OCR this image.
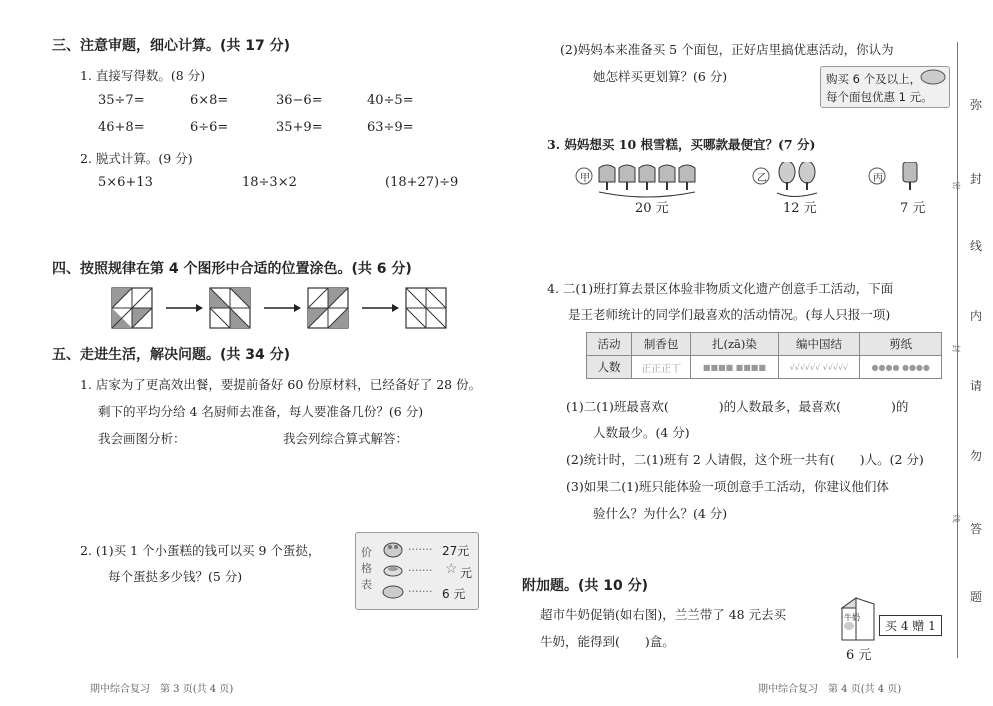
三、注意审题，细心计算。(共 17 分)
1. 直接写得数。(8 分)
35÷7=	6×8=	36−6=	40÷5=
46+8=	6÷6=	35+9=	63÷9=
2. 脱式计算。(9 分)
5×6+13	18÷3×2	(18+27)÷9
四、按照规律在第 4 个图形中合适的位置涂色。(共 6 分)
五、走进生活，解决问题。(共 34 分)
1. 店家为了更高效出餐，要提前备好 60 份原材料，已经备好了 28 份。
剩下的平均分给 4 名厨师去准备，每人要准备几份？(6 分)
我会画图分析：	我会列综合算式解答：
2. (1)买 1 个小蛋糕的钱可以买 9 个蛋挞，
每个蛋挞多少钱？(5 分)
价格表
······· 27元
······· ☆ 元
······· 6 元
期中综合复习　第 3 页(共 4 页)
(2)妈妈本来准备买 5 个面包，正好店里搞优惠活动，你认为
她怎样买更划算？(6 分)	购买 6 个及以上，
每个面包优惠 1 元。
3. 妈妈想买 10 根雪糕，买哪款最便宜？(7 分)
甲	乙	丙
20 元	12 元	7 元
4. 二(1)班打算去景区体验非物质文化遗产创意手工活动，下面
是王老师统计的同学们最喜欢的活动情况。(每人只报一项)
活动	制香包	扎(zā)染	编中国结	剪纸
人数	正正正丅	■■■■ ■■■■	√√√√√√ √√√√√	●●●● ●●●●
(1)二(1)班最喜欢(　　　　)的人数最多，最喜欢(　　　　)的
人数最少。(4 分)
(2)统计时，二(1)班有 2 人请假，这个班一共有(　　)人。(2 分)
(3)如果二(1)班只能体验一项创意手工活动，你建议他们体
验什么？为什么？(4 分)
附加题。(共 10 分)
超市牛奶促销(如右图)，兰兰带了 48 元去买
牛奶，能得到(　　)盒。
牛奶
买 4 赠 1
6 元
期中综合复习　第 4 页(共 4 页)
弥
封
线
内
请
勿
答
题
密
封
线
